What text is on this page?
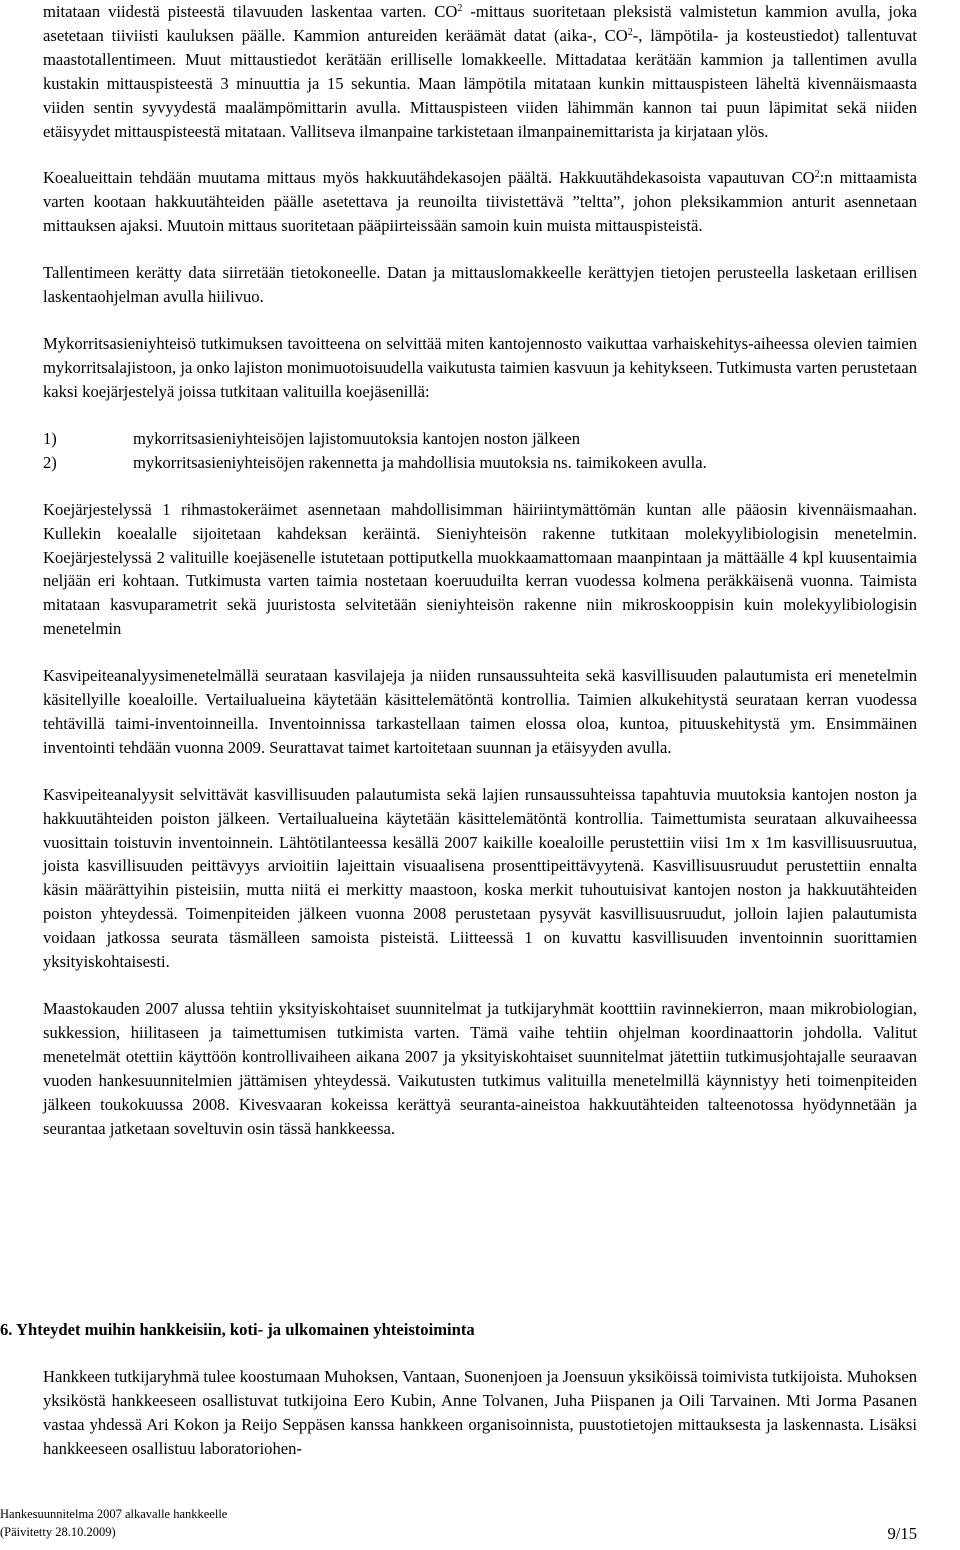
mitataan viidestä pisteestä tilavuuden laskentaa varten. $CO^2$ -mittaus suoritetaan pleksistä valmistetun kammion avulla, joka asetetaan tiiviisti kauluksen päälle. Kammion antureiden keräämät datat (aika-, $CO^2-$, lämpötila- ja kosteustiedot) tallentuvat maastotallentimeen. Muut mittaustiedot kerätään erilliselle lomakkeelle. Mittadataa kerätään kammion ja tallentimen avulla kustakin mittauspisteestä 3 minuuttia ja 15 sekuntia. Maan lämpötila mitataan kunkin mittauspisteen läheltä kivennäismaasta viiden sentin syvyydestä maalämpömittarin avulla. Mittauspisteen viiden lähimmän kannon tai puun läpimitat sekä niiden etäisyydet mittauspisteestä mitataan. Vallitseva ilmanpaine tarkistetaan ilmanpainemittarista ja kirjataan ylös.

Koealueittain tehdään muutama mittaus myös hakkuutähdekasojen päältä. Hakkuutähdekasoista vapautuvan $CO^2:n$ mittaamista varten kootaan hakkuutähteiden päälle asetettava ja reunoilta tiivistettävä ”teltta”, johon pleksikammion anturit asennetaan mittauksen ajaksi. Muutoin mittaus suoritetaan pääpiirteissään samoin kuin muista mittauspisteistä.

Tallentimeen kerätty data siirretään tietokoneelle. Datan ja mittauslomakkeelle kerättyjen tietojen perusteella lasketaan erillisen laskentaohjelman avulla hiilivuo.

Mykorritsasieniyhteisö tutkimuksen tavoitteena on selvittää miten kantojennosto vaikuttaa varhaiskehitys-aiheessa olevien taimien mykorritsalajistoon, ja onko lajiston monimuotoisuudella vaikutusta taimien kasvuun ja kehitykseen. Tutkimusta varten perustetaan kaksi koejärjestelyä joissa tutkitaan valituilla koejäsenillä:

1)	mykorritsasieniyhteisöjen lajistomuutoksia kantojen noston jälkeen
2)	mykorritsasieniyhteisöjen rakennetta ja mahdollisia muutoksia ns. taimikokeen avulla.

Koejärjestelyssä 1 rihmastokeräimet asennetaan mahdollisimman häiriintymättömän kuntan alle pääosin kivennäismaahan. Kullekin koealalle sijoitetaan kahdeksan keräintä. Sieniyhteisön rakenne tutkitaan molekyylibiologisin menetelmin. Koejärjestelyssä 2 valituille koejäsenelle istutetaan pottiputkella muokkaamattomaan maanpintaan ja mättäälle 4 kpl kuusentaimia neljään eri kohtaan. Tutkimusta varten taimia nostetaan koeruuduilta kerran vuodessa kolmena peräkkäisenä vuonna. Taimista mitataan kasvuparametrit sekä juuristosta selvitetään sieniyhteisön rakenne niin mikroskooppisin kuin molekyylibiologisin menetelmin

Kasvipeiteanalyysimenetelmällä seurataan kasvilajeja ja niiden runsaussuhteita sekä kasvillisuuden palautumista eri menetelmin käsitellyille koealoille. Vertailualueina käytetään käsittelemätöntä kontrollia. Taimien alkukehitystä seurataan kerran vuodessa tehtävillä taimi-inventoinneilla. Inventoinnissa tarkastellaan taimen elossa oloa, kuntoa, pituuskehitystä ym. Ensimmäinen inventointi tehdään vuonna 2009. Seurattavat taimet kartoitetaan suunnan ja etäisyyden avulla.

Kasvipeiteanalyysit selvittävät kasvillisuuden palautumista sekä lajien runsaussuhteissa tapahtuvia muutoksia kantojen noston ja hakkuutähteiden poiston jälkeen. Vertailualueina käytetään käsittelemätöntä kontrollia. Taimettumista seurataan alkuvaiheessa vuosittain toistuvin inventoinnein. Lähtötilanteessa kesällä 2007 kaikille koealoille perustettiin viisi 1m x 1m kasvillisuusruutua, joista kasvillisuuden peittävyys arvioitiin lajeittain visuaalisena prosenttipeittävyytenä. Kasvillisuusruudut perustettiin ennalta käsin määrättyihin pisteisiin, mutta niitä ei merkitty maastoon, koska merkit tuhoutuisivat kantojen noston ja hakkuutähteiden poiston yhteydessä. Toimenpiteiden jälkeen vuonna 2008 perustetaan pysyvät kasvillisuusruudut, jolloin lajien palautumista voidaan jatkossa seurata täsmälleen samoista pisteistä. Liitteessä 1 on kuvattu kasvillisuuden inventoinnin suorittamien yksityiskohtaisesti.

Maastokauden 2007 alussa tehtiin yksityiskohtaiset suunnitelmat ja tutkijaryhmät kootttiin ravinnekierron, maan mikrobiologian, sukkession, hiilitaseen ja taimettumisen tutkimista varten. Tämä vaihe tehtiin ohjelman koordinaattorin johdolla. Valitut menetelmät otettiin käyttöön kontrollivaiheen aikana 2007 ja yksityiskohtaiset suunnitelmat jätettiin tutkimusjohtajalle seuraavan vuoden hankesuunnitelmien jättämisen yhteydessä. Vaikutusten tutkimus valituilla menetelmillä käynnistyy heti toimenpiteiden jälkeen toukokuussa 2008. Kivesvaaran kokeissa kerättyä seuranta-aineistoa hakkuutähteiden talteenotossa hyödynnetään ja seurantaa jatketaan soveltuvin osin tässä hankkeessa.

6. Yhteydet muihin hankkeisiin, koti- ja ulkomainen yhteistoiminta

Hankkeen tutkijaryhmä tulee koostumaan Muhoksen, Vantaan, Suonenjoen ja Joensuun yksiköissä toimivista tutkijoista. Muhoksen yksiköstä hankkeeseen osallistuvat tutkijoina Eero Kubin, Anne Tolvanen, Juha Piispanen ja Oili Tarvainen. Mti Jorma Pasanen vastaa yhdessä Ari Kokon ja Reijo Seppäsen kanssa hankkeen organisoinnista, puustotietojen mittauksesta ja laskennasta. Lisäksi hankkeeseen osallistuu laboratoriohen-

Hankesuunnitelma 2007 alkavalle hankkeelle
(Päivitetty 28.10.2009)	9/15
